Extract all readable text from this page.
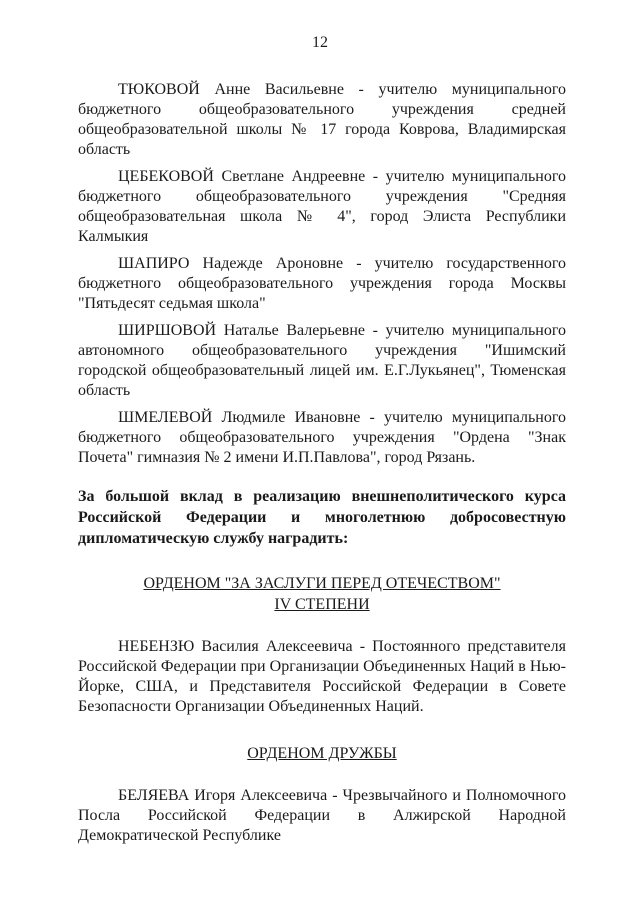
12

ТЮКОВОЙ Анне Васильевне - учителю муниципального бюджетного общеобразовательного учреждения средней общеобразовательной школы № 17 города Коврова, Владимирская область

ЦЕБЕКОВОЙ Светлане Андреевне - учителю муниципального бюджетного общеобразовательного учреждения "Средняя общеобразовательная школа № 4", город Элиста Республики Калмыкия

ШАПИРО Надежде Ароновне - учителю государственного бюджетного общеобразовательного учреждения города Москвы "Пятьдесят седьмая школа"

ШИРШОВОЙ Наталье Валерьевне - учителю муниципального автономного общеобразовательного учреждения "Ишимский городской общеобразовательный лицей им. Е.Г.Лукьянец", Тюменская область

ШМЕЛЕВОЙ Людмиле Ивановне - учителю муниципального бюджетного общеобразовательного учреждения "Ордена "Знак Почета" гимназия № 2 имени И.П.Павлова", город Рязань.

За большой вклад в реализацию внешнеполитического курса Российской Федерации и многолетнюю добросовестную дипломатическую службу наградить:

ОРДЕНОМ "ЗА ЗАСЛУГИ ПЕРЕД ОТЕЧЕСТВОМ"

IV СТЕПЕНИ

НЕБЕНЗЮ Василия Алексеевича - Постоянного представителя Российской Федерации при Организации Объединенных Наций в Нью-Йорке, США, и Представителя Российской Федерации в Совете Безопасности Организации Объединенных Наций.

ОРДЕНОМ ДРУЖБЫ

БЕЛЯЕВА Игоря Алексеевича - Чрезвычайного и Полномочного Посла Российской Федерации в Алжирской Народной Демократической Республике
